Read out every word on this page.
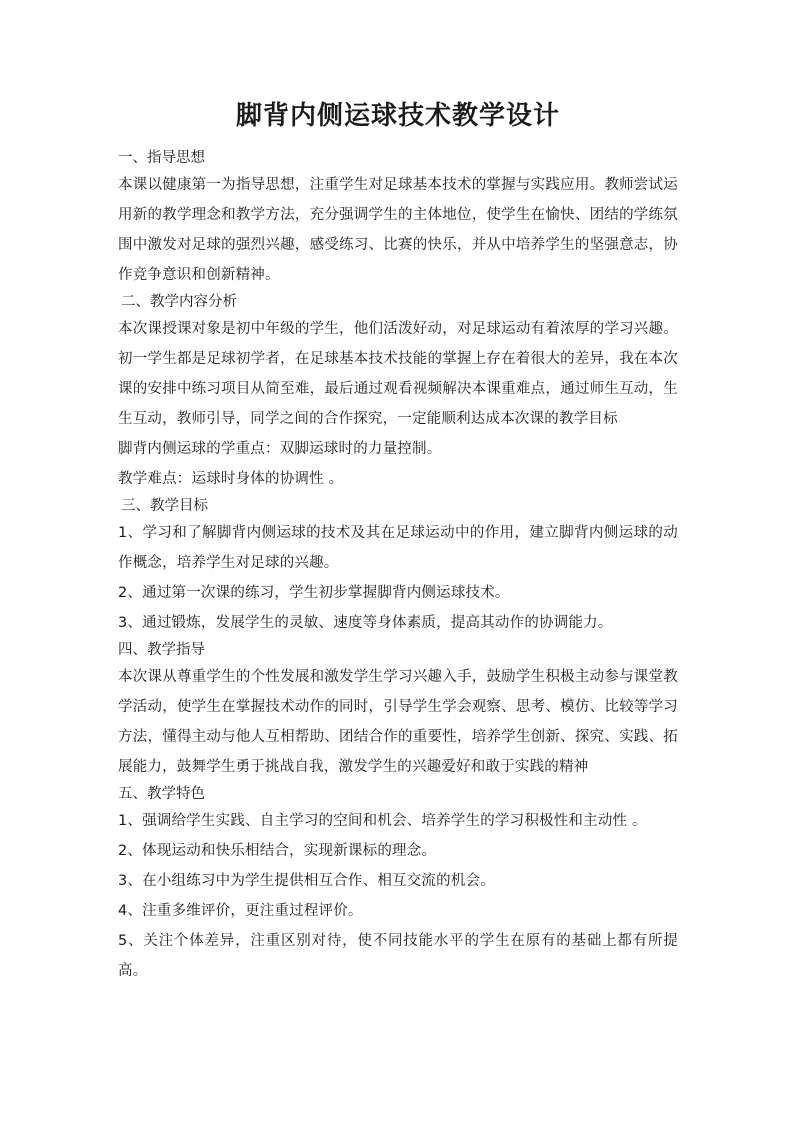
脚背内侧运球技术教学设计

一、指导思想

本课以健康第一为指导思想，注重学生对足球基本技术的掌握与实践应用。教师尝试运用新的教学理念和教学方法，充分强调学生的主体地位，使学生在愉快、团结的学练氛围中激发对足球的强烈兴趣，感受练习、比赛的快乐，并从中培养学生的坚强意志，协作竞争意识和创新精神。

二、教学内容分析

本次课授课对象是初中年级的学生，他们活泼好动，对足球运动有着浓厚的学习兴趣。初一学生都是足球初学者，在足球基本技术技能的掌握上存在着很大的差异，我在本次课的安排中练习项目从简至难，最后通过观看视频解决本课重难点，通过师生互动，生生互动，教师引导，同学之间的合作探究，一定能顺利达成本次课的教学目标

脚背内侧运球的学重点：双脚运球时的力量控制。

教学难点：运球时身体的协调性 。

三、教学目标

1、学习和了解脚背内侧运球的技术及其在足球运动中的作用，建立脚背内侧运球的动作概念，培养学生对足球的兴趣。

2、通过第一次课的练习，学生初步掌握脚背内侧运球技术。

3、通过锻炼，发展学生的灵敏、速度等身体素质，提高其动作的协调能力。

四、教学指导

本次课从尊重学生的个性发展和激发学生学习兴趣入手，鼓励学生积极主动参与课堂教学活动，使学生在掌握技术动作的同时，引导学生学会观察、思考、模仿、比较等学习方法，懂得主动与他人互相帮助、团结合作的重要性，培养学生创新、探究、实践、拓展能力，鼓舞学生勇于挑战自我，激发学生的兴趣爱好和敢于实践的精神

五、教学特色

1、强调给学生实践、自主学习的空间和机会、培养学生的学习积极性和主动性 。

2、体现运动和快乐相结合，实现新课标的理念。

3、在小组练习中为学生提供相互合作、相互交流的机会。

4、注重多维评价，更注重过程评价。

5、关注个体差异，注重区别对待，使不同技能水平的学生在原有的基础上都有所提高。
